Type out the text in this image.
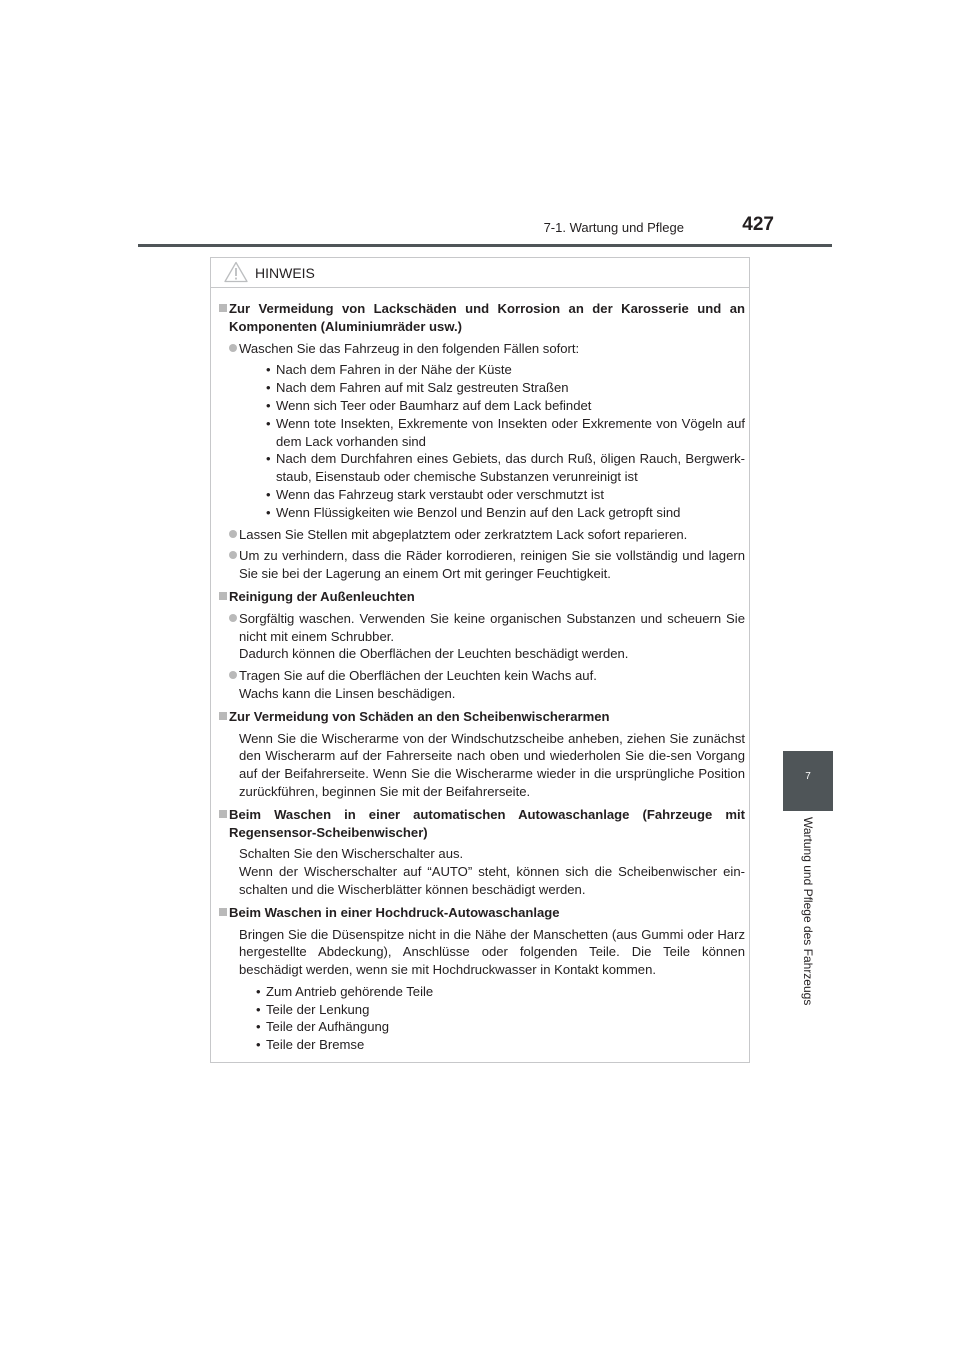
7-1. Wartung und Pflege	427
7
Wartung und Pflege des Fahrzeugs
HINWEIS
Zur Vermeidung von Lackschäden und Korrosion an der Karosserie und an Komponenten (Aluminiumräder usw.)
Waschen Sie das Fahrzeug in den folgenden Fällen sofort:
• Nach dem Fahren in der Nähe der Küste
• Nach dem Fahren auf mit Salz gestreuten Straßen
• Wenn sich Teer oder Baumharz auf dem Lack befindet
• Wenn tote Insekten, Exkremente von Insekten oder Exkremente von Vögeln auf dem Lack vorhanden sind
• Nach dem Durchfahren eines Gebiets, das durch Ruß, öligen Rauch, Bergwerk-staub, Eisenstaub oder chemische Substanzen verunreinigt ist
• Wenn das Fahrzeug stark verstaubt oder verschmutzt ist
• Wenn Flüssigkeiten wie Benzol und Benzin auf den Lack getropft sind
Lassen Sie Stellen mit abgeplatztem oder zerkratztem Lack sofort reparieren.
Um zu verhindern, dass die Räder korrodieren, reinigen Sie sie vollständig und lagern Sie sie bei der Lagerung an einem Ort mit geringer Feuchtigkeit.
Reinigung der Außenleuchten
Sorgfältig waschen. Verwenden Sie keine organischen Substanzen und scheuern Sie nicht mit einem Schrubber.
Dadurch können die Oberflächen der Leuchten beschädigt werden.
Tragen Sie auf die Oberflächen der Leuchten kein Wachs auf.
Wachs kann die Linsen beschädigen.
Zur Vermeidung von Schäden an den Scheibenwischerarmen
Wenn Sie die Wischerarme von der Windschutzscheibe anheben, ziehen Sie zunächst den Wischerarm auf der Fahrerseite nach oben und wiederholen Sie die-sen Vorgang auf der Beifahrerseite. Wenn Sie die Wischerarme wieder in die ursprüngliche Position zurückführen, beginnen Sie mit der Beifahrerseite.
Beim Waschen in einer automatischen Autowaschanlage (Fahrzeuge mit Regensensor-Scheibenwischer)
Schalten Sie den Wischerschalter aus.
Wenn der Wischerschalter auf “AUTO” steht, können sich die Scheibenwischer ein-schalten und die Wischerblätter können beschädigt werden.
Beim Waschen in einer Hochdruck-Autowaschanlage
Bringen Sie die Düsenspitze nicht in die Nähe der Manschetten (aus Gummi oder Harz hergestellte Abdeckung), Anschlüsse oder folgenden Teile. Die Teile können beschädigt werden, wenn sie mit Hochdruckwasser in Kontakt kommen.
• Zum Antrieb gehörende Teile
• Teile der Lenkung
• Teile der Aufhängung
• Teile der Bremse
